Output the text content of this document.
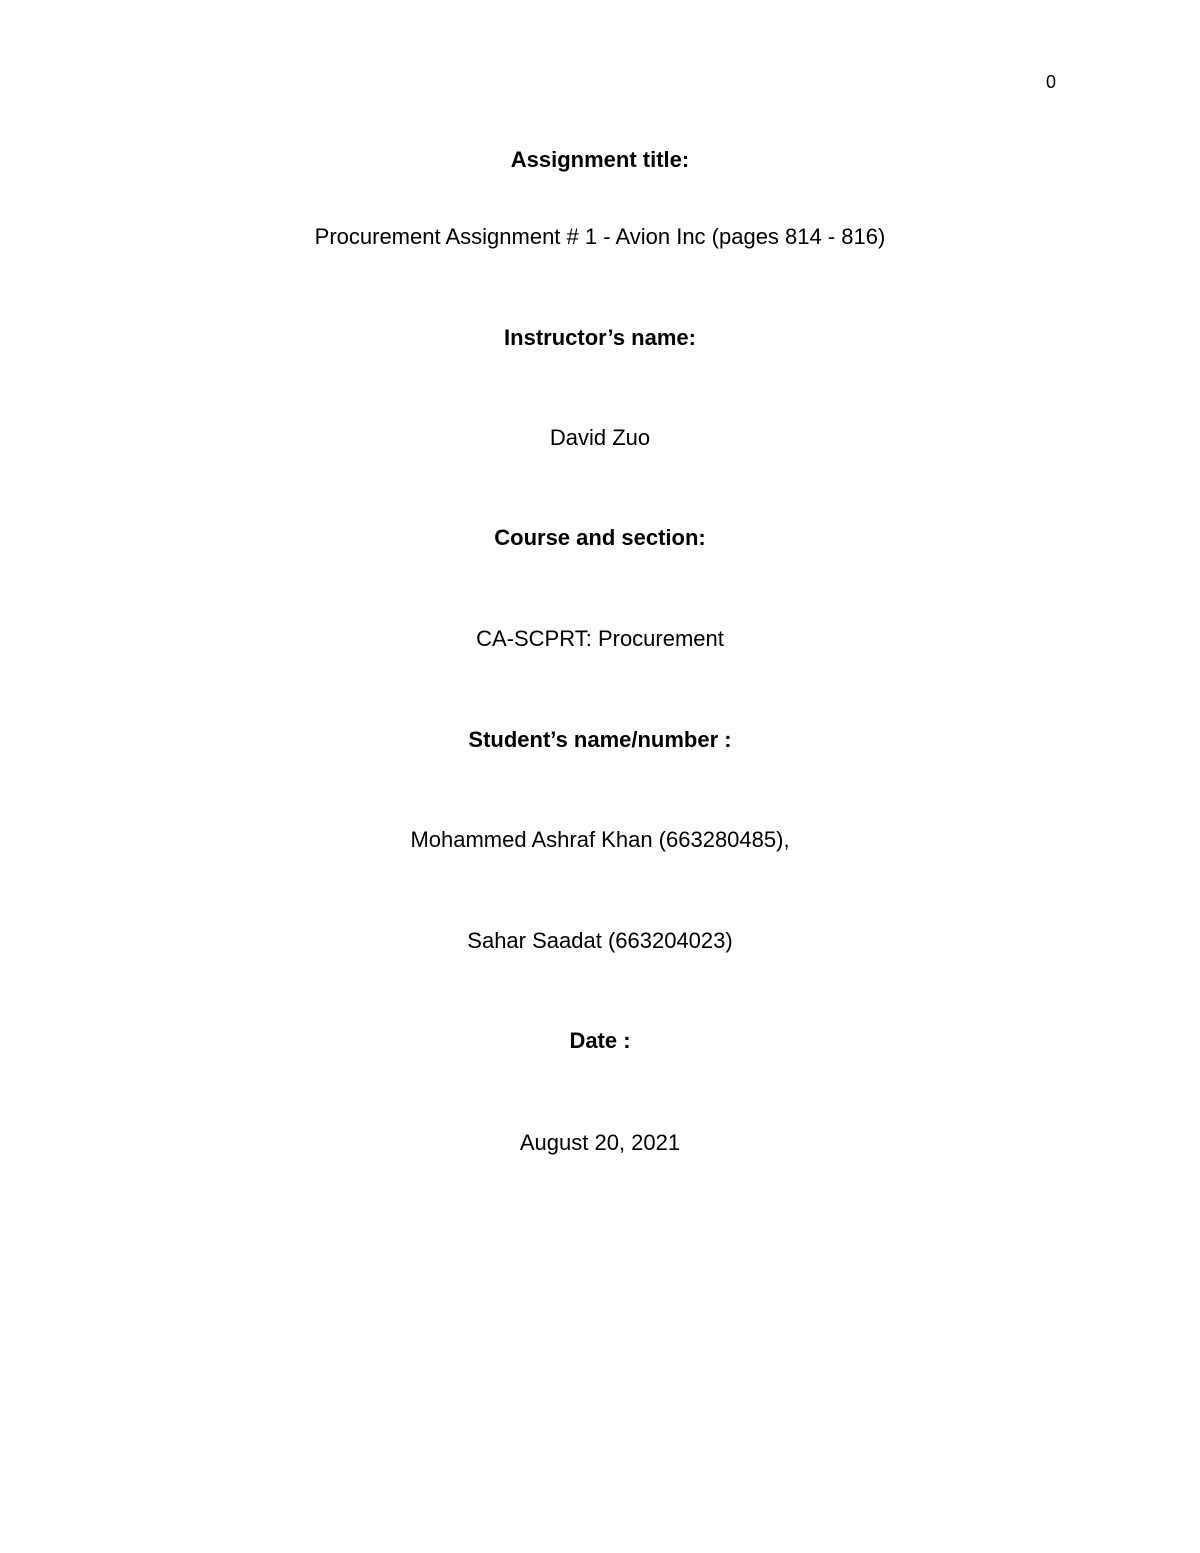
0
Assignment title:
Procurement Assignment # 1 - Avion Inc (pages 814 - 816)
Instructor’s name:
David Zuo
Course and section:
CA-SCPRT: Procurement
Student’s name/number :
Mohammed Ashraf Khan (663280485),
Sahar Saadat (663204023)
Date :
August 20, 2021
